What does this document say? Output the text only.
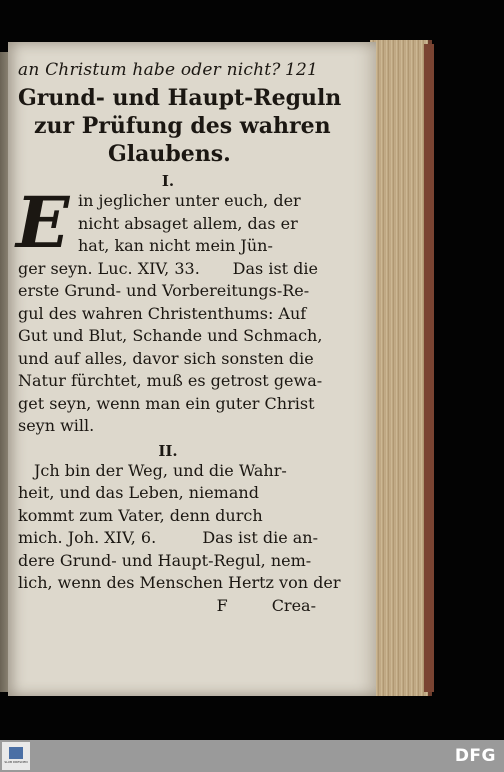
an Christum habe oder nicht? 121
Grund- und Haupt-Reguln
zur Prüfung des wahren
Glaubens.
I.
E in jeglicher unter euch, der
nicht absaget allem, das er
hat, kan nicht mein Jün-
ger seyn. Luc. XIV, 33. Das ist die
erste Grund- und Vorbereitungs-Re-
gul des wahren Christenthums: Auf
Gut und Blut, Schande und Schmach,
und auf alles, davor sich sonsten die
Natur fürchtet, muß es getrost gewa-
get seyn, wenn man ein guter Christ
seyn will.
II.
Jch bin der Weg, und die Wahr-
heit, und das Leben, niemand
kommt zum Vater, denn durch
mich. Joh. XIV, 6.	Das ist die an-
dere Grund- und Haupt-Regul, nem-
lich, wenn des Menschen Hertz von der
F	Crea-
SLUB DRESDEN	DFG
